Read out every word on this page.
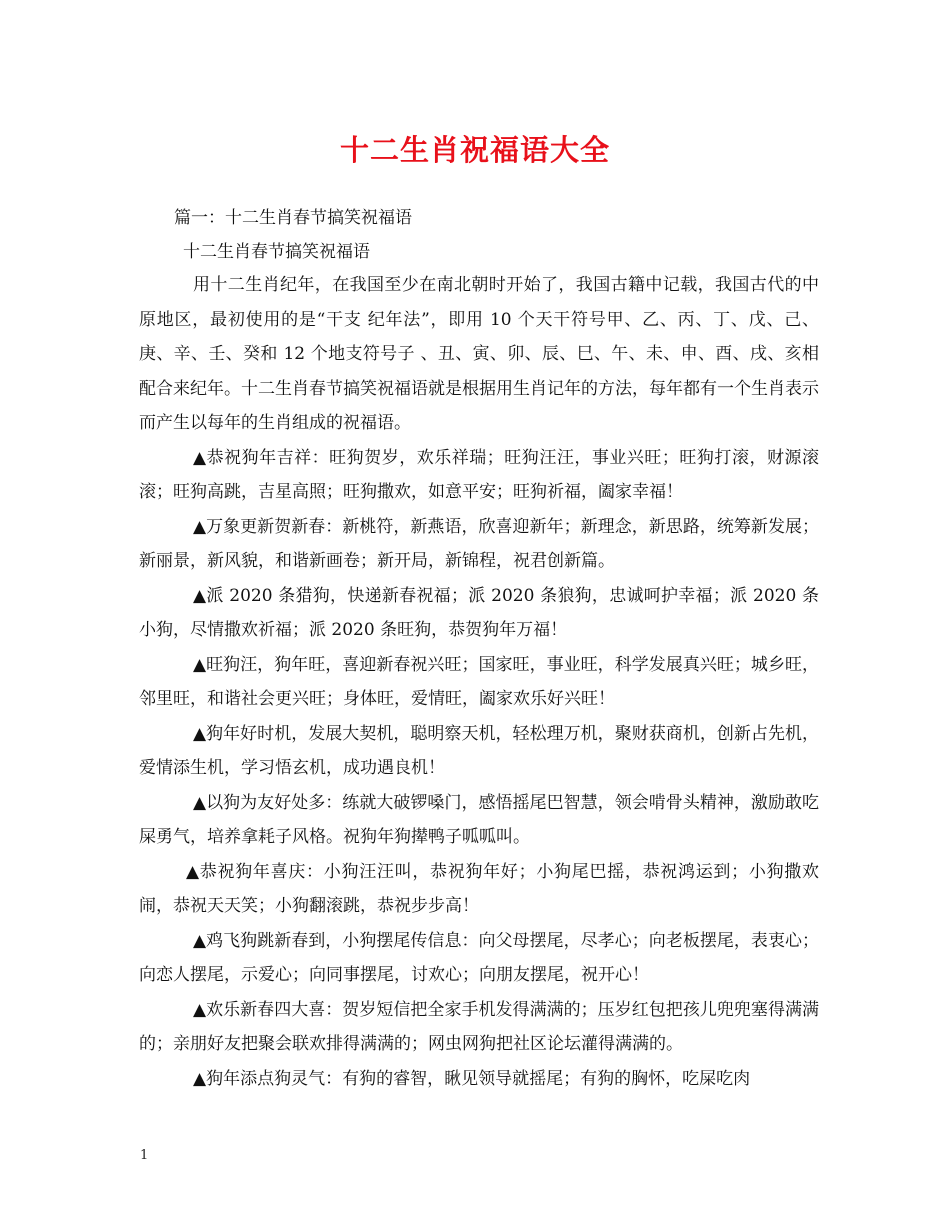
十二生肖祝福语大全

篇一：十二生肖春节搞笑祝福语

十二生肖春节搞笑祝福语

用十二生肖纪年，在我国至少在南北朝时开始了，我国古籍中记载，我国古代的中原地区，最初使用的是“干支 纪年法”，即用 10 个天干符号甲、乙、丙、丁、戊、己、庚、辛、壬、癸和 12 个地支符号子 、丑、寅、卯、辰、巳、午、未、申、酉、戌、亥相配合来纪年。十二生肖春节搞笑祝福语就是根据用生肖记年的方法，每年都有一个生肖表示而产生以每年的生肖组成的祝福语。

▲恭祝狗年吉祥：旺狗贺岁，欢乐祥瑞；旺狗汪汪，事业兴旺；旺狗打滚，财源滚滚；旺狗高跳，吉星高照；旺狗撒欢，如意平安；旺狗祈福，阖家幸福！

▲万象更新贺新春：新桃符，新燕语，欣喜迎新年；新理念，新思路，统筹新发展；新丽景，新风貌，和谐新画卷；新开局，新锦程，祝君创新篇。

▲派 2020 条猎狗，快递新春祝福；派 2020 条狼狗，忠诚呵护幸福；派 2020 条小狗，尽情撒欢祈福；派 2020 条旺狗，恭贺狗年万福！

▲旺狗汪，狗年旺，喜迎新春祝兴旺；国家旺，事业旺，科学发展真兴旺；城乡旺，邻里旺，和谐社会更兴旺；身体旺，爱情旺，阖家欢乐好兴旺！

▲狗年好时机，发展大契机，聪明察天机，轻松理万机，聚财获商机，创新占先机，爱情添生机，学习悟玄机，成功遇良机！

▲以狗为友好处多：练就大破锣嗓门，感悟摇尾巴智慧，领会啃骨头精神，激励敢吃屎勇气，培养拿耗子风格。祝狗年狗撵鸭子呱呱叫。

▲恭祝狗年喜庆：小狗汪汪叫，恭祝狗年好；小狗尾巴摇，恭祝鸿运到；小狗撒欢闹，恭祝天天笑；小狗翻滚跳，恭祝步步高！

▲鸡飞狗跳新春到，小狗摆尾传信息：向父母摆尾，尽孝心；向老板摆尾，表衷心；向恋人摆尾，示爱心；向同事摆尾，讨欢心；向朋友摆尾，祝开心！

▲欢乐新春四大喜：贺岁短信把全家手机发得满满的；压岁红包把孩儿兜兜塞得满满的；亲朋好友把聚会联欢排得满满的；网虫网狗把社区论坛灌得满满的。

▲狗年添点狗灵气：有狗的睿智，瞅见领导就摇尾；有狗的胸怀，吃屎吃肉

1
